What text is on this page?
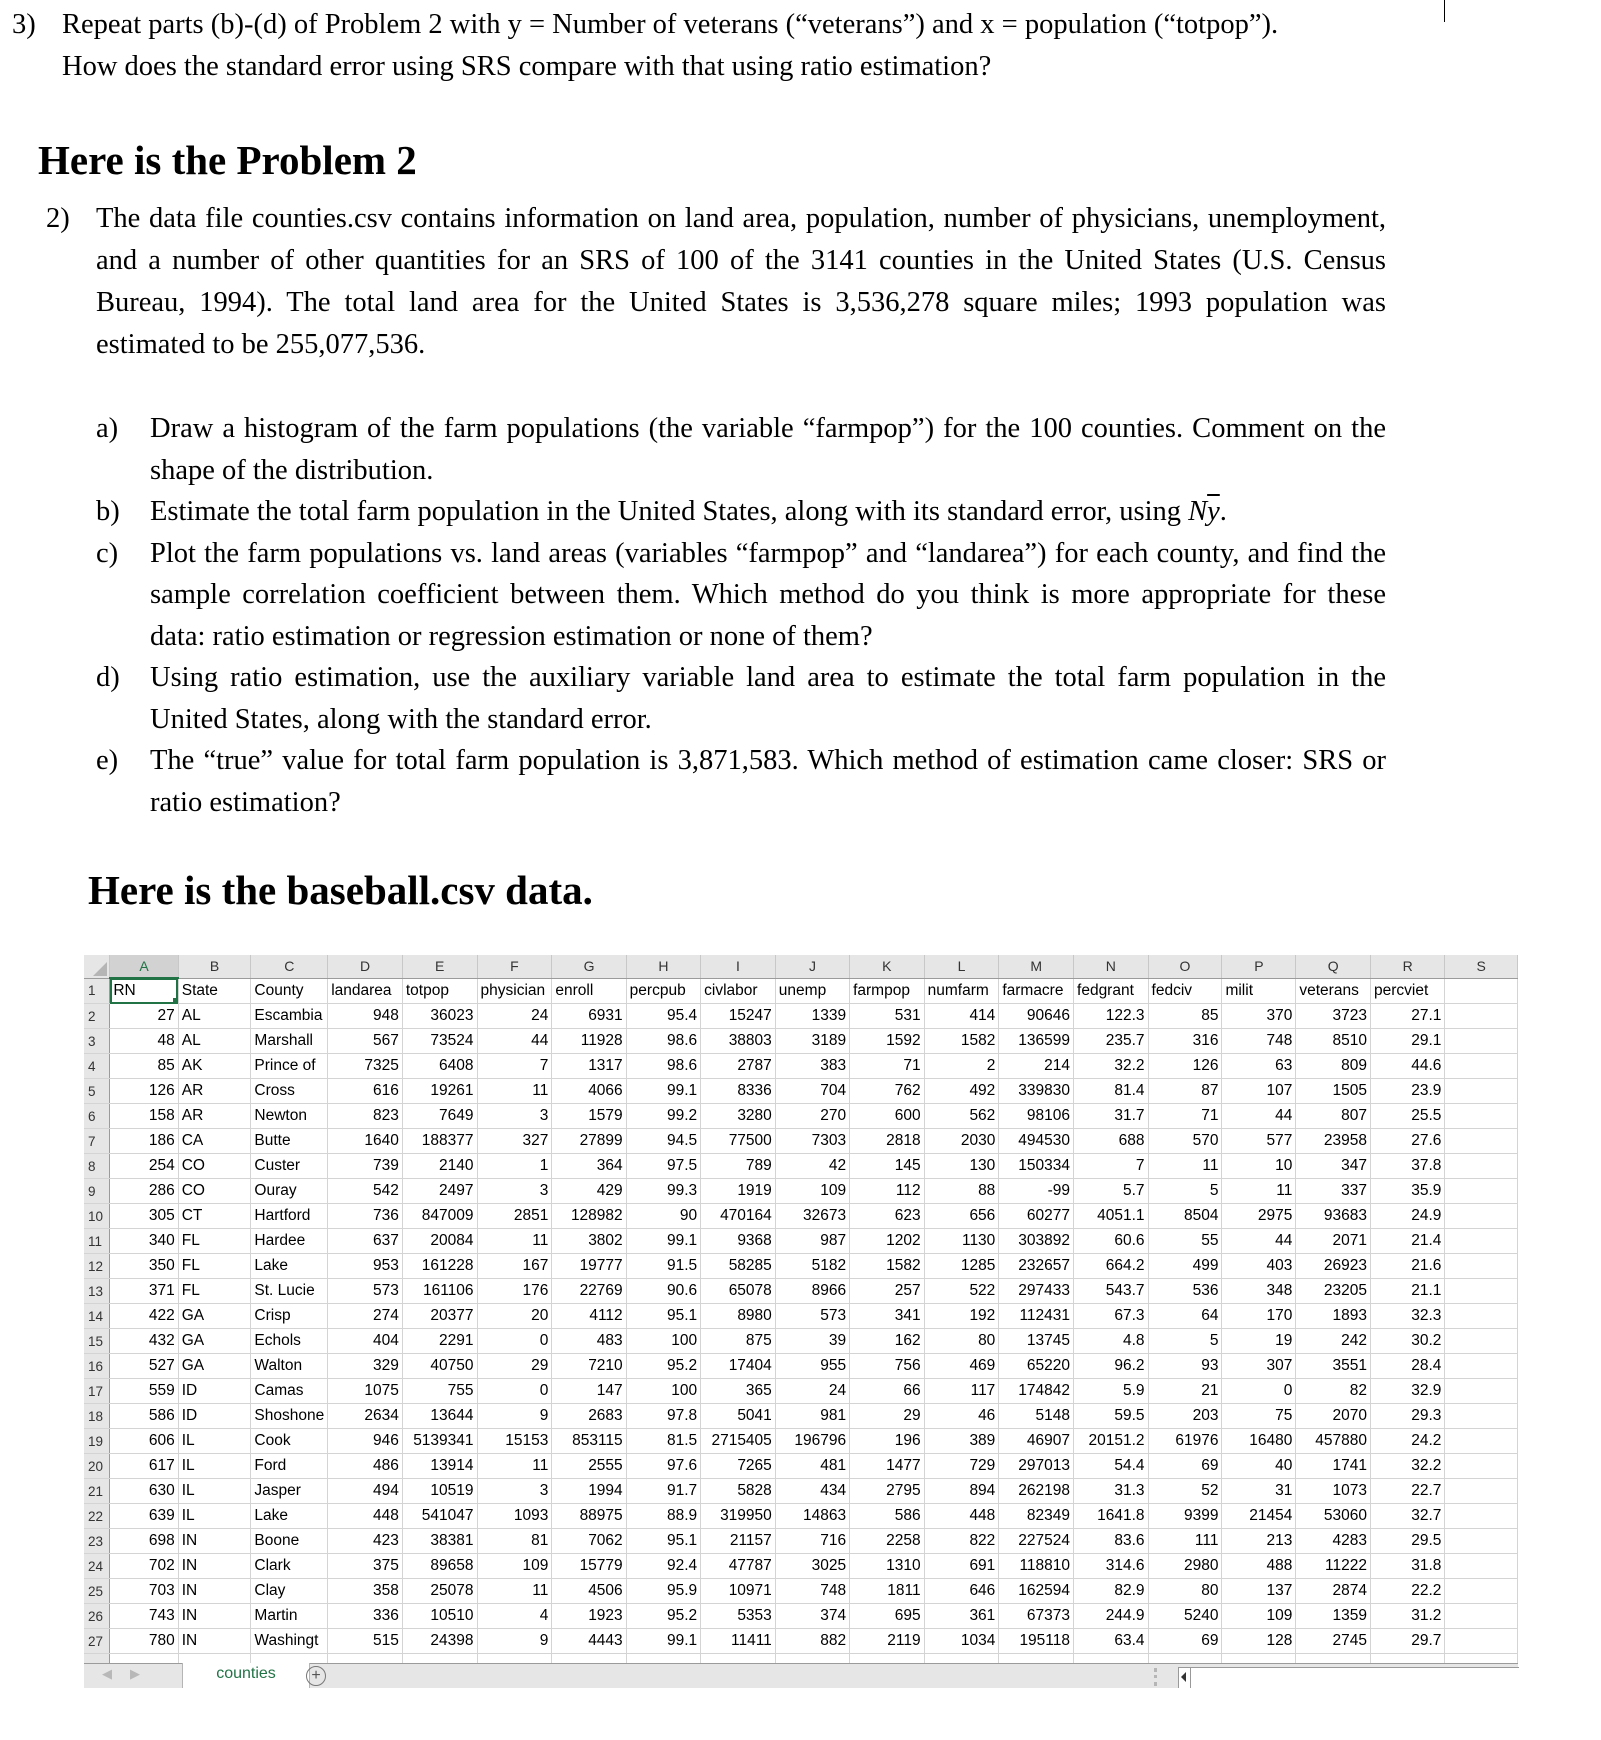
3) Repeat parts (b)-(d) of Problem 2 with y = Number of veterans (“veterans”) and x = population (“totpop”).
How does the standard error using SRS compare with that using ratio estimation?
Here is the Problem 2
2) The data file counties.csv contains information on land area, population, number of physicians, unemployment, and a number of other quantities for an SRS of 100 of the 3141 counties in the United States (U.S. Census Bureau, 1994). The total land area for the United States is 3,536,278 square miles; 1993 population was estimated to be 255,077,536.
a)	Draw a histogram of the farm populations (the variable “farmpop”) for the 100 counties. Comment on the shape of the distribution.
b)	Estimate the total farm population in the United States, along with its standard error, using $N\overline{y}$.
c)	Plot the farm populations vs. land areas (variables “farmpop” and “landarea”) for each county, and find the sample correlation coefficient between them. Which method do you think is more appropriate for these data: ratio estimation or regression estimation or none of them?
d)	Using ratio estimation, use the auxiliary variable land area to estimate the total farm population in the United States, along with the standard error.
e)	The “true” value for total farm population is 3,871,583. Which method of estimation came closer: SRS or ratio estimation?
Here is the baseball.csv data.
	A	B	C	D	E	F	G	H	I	J	K	L	M	N	O	P	Q	R	S
1	RN	State	County	landarea	totpop	physician	enroll	percpub	civlabor	unemp	farmpop	numfarm	farmacre	fedgrant	fedciv	milit	veterans	percviet	
2	27	AL	Escambia	948	36023	24	6931	95.4	15247	1339	531	414	90646	122.3	85	370	3723	27.1	
3	48	AL	Marshall	567	73524	44	11928	98.6	38803	3189	1592	1582	136599	235.7	316	748	8510	29.1	
4	85	AK	Prince of	7325	6408	7	1317	98.6	2787	383	71	2	214	32.2	126	63	809	44.6	
5	126	AR	Cross	616	19261	11	4066	99.1	8336	704	762	492	339830	81.4	87	107	1505	23.9	
6	158	AR	Newton	823	7649	3	1579	99.2	3280	270	600	562	98106	31.7	71	44	807	25.5	
7	186	CA	Butte	1640	188377	327	27899	94.5	77500	7303	2818	2030	494530	688	570	577	23958	27.6	
8	254	CO	Custer	739	2140	1	364	97.5	789	42	145	130	150334	7	11	10	347	37.8	
9	286	CO	Ouray	542	2497	3	429	99.3	1919	109	112	88	-99	5.7	5	11	337	35.9	
10	305	CT	Hartford	736	847009	2851	128982	90	470164	32673	623	656	60277	4051.1	8504	2975	93683	24.9	
11	340	FL	Hardee	637	20084	11	3802	99.1	9368	987	1202	1130	303892	60.6	55	44	2071	21.4	
12	350	FL	Lake	953	161228	167	19777	91.5	58285	5182	1582	1285	232657	664.2	499	403	26923	21.6	
13	371	FL	St. Lucie	573	161106	176	22769	90.6	65078	8966	257	522	297433	543.7	536	348	23205	21.1	
14	422	GA	Crisp	274	20377	20	4112	95.1	8980	573	341	192	112431	67.3	64	170	1893	32.3	
15	432	GA	Echols	404	2291	0	483	100	875	39	162	80	13745	4.8	5	19	242	30.2	
16	527	GA	Walton	329	40750	29	7210	95.2	17404	955	756	469	65220	96.2	93	307	3551	28.4	
17	559	ID	Camas	1075	755	0	147	100	365	24	66	117	174842	5.9	21	0	82	32.9	
18	586	ID	Shoshone	2634	13644	9	2683	97.8	5041	981	29	46	5148	59.5	203	75	2070	29.3	
19	606	IL	Cook	946	5139341	15153	853115	81.5	2715405	196796	196	389	46907	20151.2	61976	16480	457880	24.2	
20	617	IL	Ford	486	13914	11	2555	97.6	7265	481	1477	729	297013	54.4	69	40	1741	32.2	
21	630	IL	Jasper	494	10519	3	1994	91.7	5828	434	2795	894	262198	31.3	52	31	1073	22.7	
22	639	IL	Lake	448	541047	1093	88975	88.9	319950	14863	586	448	82349	1641.8	9399	21454	53060	32.7	
23	698	IN	Boone	423	38381	81	7062	95.1	21157	716	2258	822	227524	83.6	111	213	4283	29.5	
24	702	IN	Clark	375	89658	109	15779	92.4	47787	3025	1310	691	118810	314.6	2980	488	11222	31.8	
25	703	IN	Clay	358	25078	11	4506	95.9	10971	748	1811	646	162594	82.9	80	137	2874	22.2	
26	743	IN	Martin	336	10510	4	1923	95.2	5353	374	695	361	67373	244.9	5240	109	1359	31.2	
27	780	IN	Washingt	515	24398	9	4443	99.1	11411	882	2119	1034	195118	63.4	69	128	2745	29.7	

◀▶	counties	+
